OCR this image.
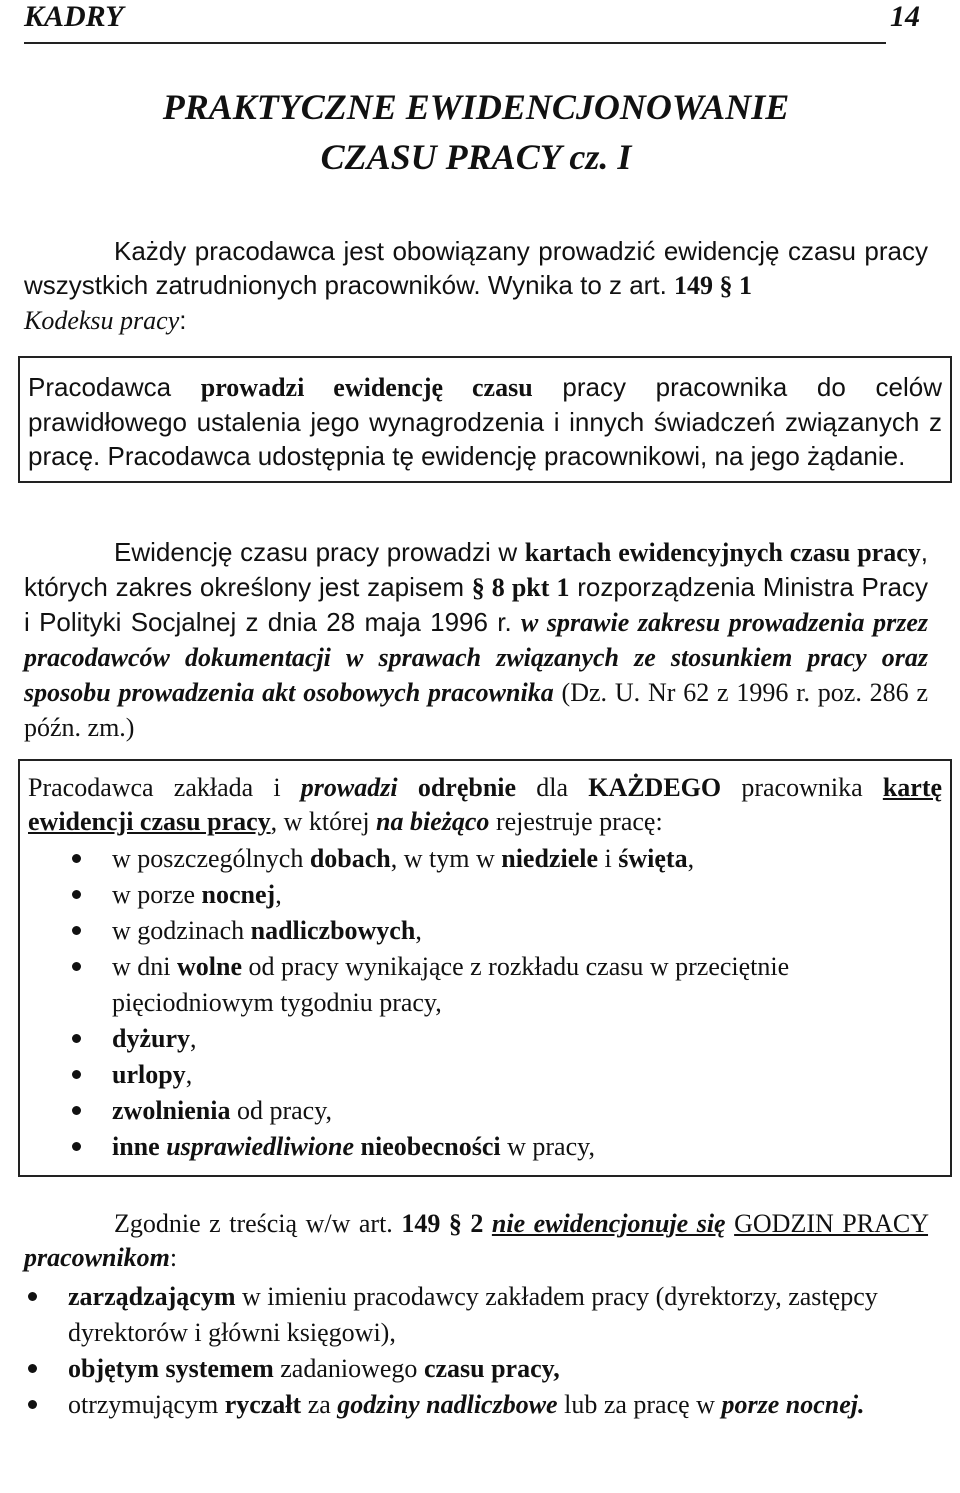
KADRY	14
PRAKTYCZNE EWIDENCJONOWANIE
CZASU PRACY cz. I

Każdy pracodawca jest obowiązany prowadzić ewidencję czasu pracy wszystkich zatrudnionych pracowników. Wynika to z art. 149 § 1
Kodeksu pracy:

Pracodawca prowadzi ewidencję czasu pracy pracownika do celów prawidłowego ustalenia jego wynagrodzenia i innych świadczeń związanych z pracę. Pracodawca udostępnia tę ewidencję pracownikowi, na jego żądanie.

Ewidencję czasu pracy prowadzi w kartach ewidencyjnych czasu pracy, których zakres określony jest zapisem § 8 pkt 1 rozporządzenia Ministra Pracy i Polityki Socjalnej z dnia 28 maja 1996 r. w sprawie zakresu prowadzenia przez pracodawców dokumentacji w sprawach związanych ze stosunkiem pracy oraz sposobu prowadzenia akt osobowych pracownika (Dz. U. Nr 62 z 1996 r. poz. 286 z późn. zm.)

Pracodawca zakłada i prowadzi odrębnie dla KAŻDEGO pracownika kartę ewidencji czasu pracy, w której na bieżąco rejestruje pracę:

w poszczególnych dobach, w tym w niedziele i święta,
w porze nocnej,
w godzinach nadliczbowych,
w dni wolne od pracy wynikające z rozkładu czasu w przeciętnie pięciodniowym tygodniu pracy,
dyżury,
urlopy,
zwolnienia od pracy,
inne usprawiedliwione nieobecności w pracy,

Zgodnie z treścią w/w art. 149 § 2 nie ewidencjonuje się GODZIN PRACY pracownikom:

zarządzającym w imieniu pracodawcy zakładem pracy (dyrektorzy, zastępcy dyrektorów i główni księgowi),
objętym systemem zadaniowego czasu pracy,
otrzymującym ryczałt za godziny nadliczbowe lub za pracę w porze nocnej.
